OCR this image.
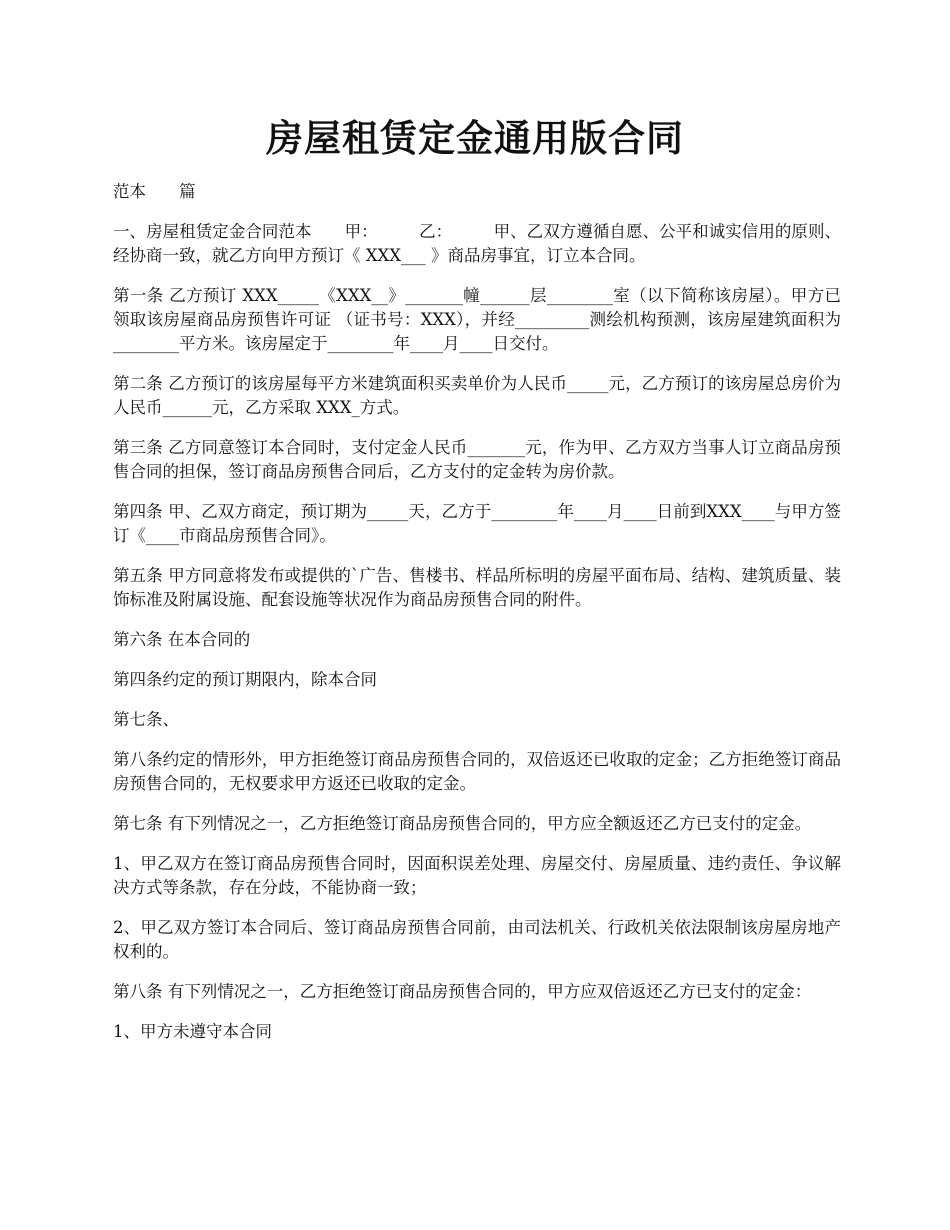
房屋租赁定金通用版合同

范本　　篇

一、房屋租赁定金合同范本　　甲：　　　乙：　　　甲、乙双方遵循自愿、公平和诚实信用的原则、经协商一致，就乙方向甲方预订《 XXX___ 》商品房事宜，订立本合同。

第一条 乙方预订 XXX_____《XXX__》_______幢______层________室（以下简称该房屋）。甲方已领取该房屋商品房预售许可证 （证书号：XXX），并经_________测绘机构预测，该房屋建筑面积为 ________平方米。该房屋定于________年____月____日交付。

第二条 乙方预订的该房屋每平方米建筑面积买卖单价为人民币_____元，乙方预订的该房屋总房价为人民币______元，乙方采取 XXX_方式。

第三条 乙方同意签订本合同时，支付定金人民币_______元，作为甲、乙方双方当事人订立商品房预售合同的担保，签订商品房预售合同后，乙方支付的定金转为房价款。

第四条 甲、乙双方商定，预订期为_____天，乙方于________年____月____日前到XXX____与甲方签订《____市商品房预售合同》。

第五条 甲方同意将发布或提供的`广告、售楼书、样品所标明的房屋平面布局、结构、建筑质量、装饰标准及附属设施、配套设施等状况作为商品房预售合同的附件。

第六条 在本合同的

第四条约定的预订期限内，除本合同

第七条、

第八条约定的情形外，甲方拒绝签订商品房预售合同的，双倍返还已收取的定金；乙方拒绝签订商品房预售合同的，无权要求甲方返还已收取的定金。

第七条 有下列情况之一，乙方拒绝签订商品房预售合同的，甲方应全额返还乙方已支付的定金。

1、甲乙双方在签订商品房预售合同时，因面积误差处理、房屋交付、房屋质量、违约责任、争议解决方式等条款，存在分歧，不能协商一致；

2、甲乙双方签订本合同后、签订商品房预售合同前，由司法机关、行政机关依法限制该房屋房地产权利的。

第八条 有下列情况之一，乙方拒绝签订商品房预售合同的，甲方应双倍返还乙方已支付的定金：

1、甲方未遵守本合同
